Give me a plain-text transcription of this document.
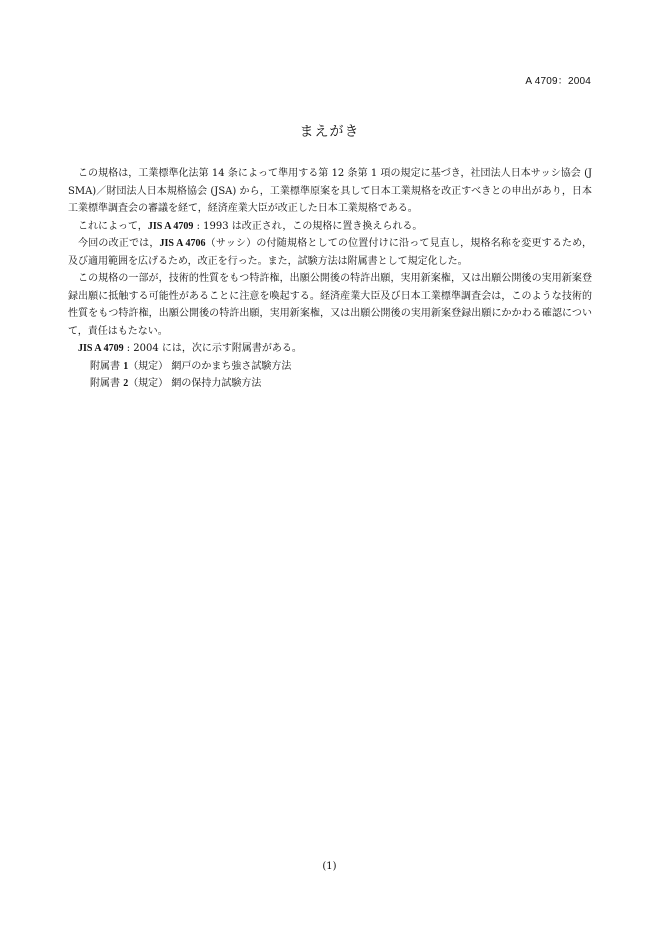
A 4709：2004
まえがき

この規格は，工業標準化法第 14 条によって準用する第 12 条第 1 項の規定に基づき，社団法人日本サッシ協会 (JSMA)／財団法人日本規格協会 (JSA) から，工業標準原案を具して日本工業規格を改正すべきとの申出があり，日本工業標準調査会の審議を経て，経済産業大臣が改正した日本工業規格である。

これによって，JIS A 4709 : 1993 は改正され，この規格に置き換えられる。

今回の改正では，JIS A 4706（サッシ）の付随規格としての位置付けに沿って見直し，規格名称を変更するため，及び適用範囲を広げるため，改正を行った。また，試験方法は附属書として規定化した。

この規格の一部が，技術的性質をもつ特許権，出願公開後の特許出願，実用新案権，又は出願公開後の実用新案登録出願に抵触する可能性があることに注意を喚起する。経済産業大臣及び日本工業標準調査会は，このような技術的性質をもつ特許権，出願公開後の特許出願，実用新案権，又は出願公開後の実用新案登録出願にかかわる確認について，責任はもたない。

JIS A 4709 : 2004 には，次に示す附属書がある。

附属書 1（規定） 網戸のかまち強さ試験方法

附属書 2（規定） 網の保持力試験方法

(1)
